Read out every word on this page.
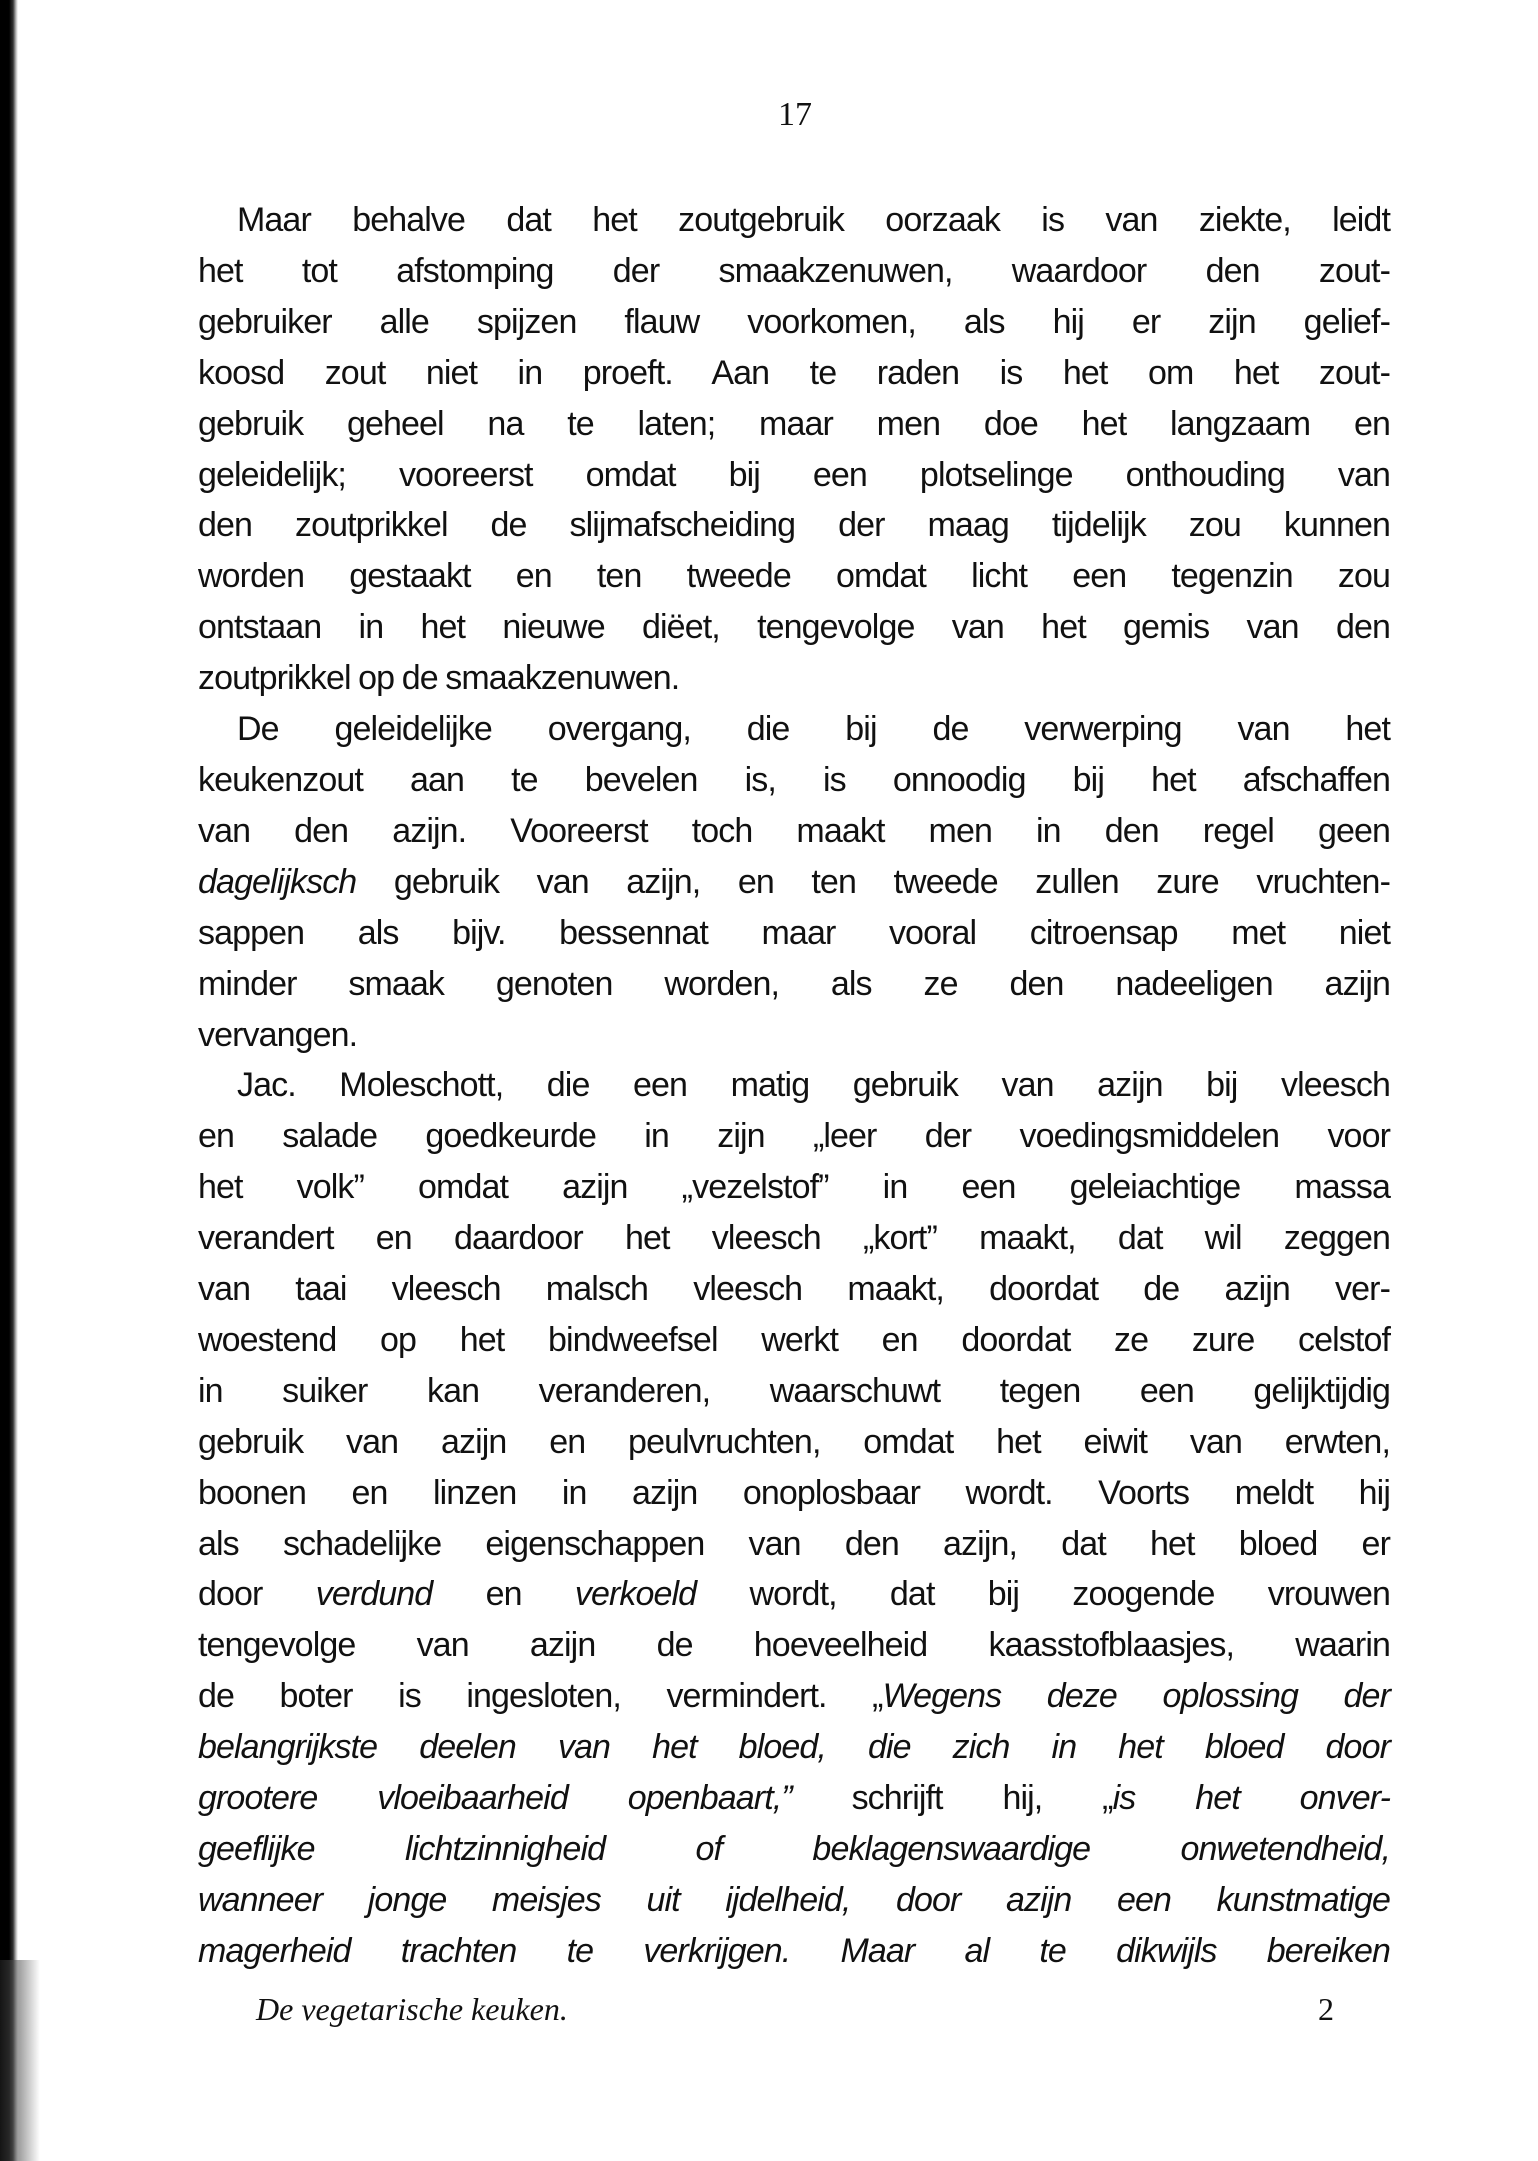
17
Maar behalve dat het zoutgebruik oorzaak is van ziekte, leidt
het tot afstomping der smaakzenuwen, waardoor den zout-
gebruiker alle spijzen flauw voorkomen, als hij er zijn gelief-
koosd zout niet in proeft. Aan te raden is het om het zout-
gebruik geheel na te laten; maar men doe het langzaam en
geleidelijk; vooreerst omdat bij een plotselinge onthouding van
den zoutprikkel de slijmafscheiding der maag tijdelijk zou kunnen
worden gestaakt en ten tweede omdat licht een tegenzin zou
ontstaan in het nieuwe diëet, tengevolge van het gemis van den
zoutprikkel op de smaakzenuwen.
De geleidelijke overgang, die bij de verwerping van het
keukenzout aan te bevelen is, is onnoodig bij het afschaffen
van den azijn. Vooreerst toch maakt men in den regel geen
dagelijksch gebruik van azijn, en ten tweede zullen zure vruchten-
sappen als bijv. bessennat maar vooral citroensap met niet
minder smaak genoten worden, als ze den nadeeligen azijn
vervangen.
Jac. Moleschott, die een matig gebruik van azijn bij vleesch
en salade goedkeurde in zijn „leer der voedingsmiddelen voor
het volk” omdat azijn „vezelstof” in een geleiachtige massa
verandert en daardoor het vleesch „kort” maakt, dat wil zeggen
van taai vleesch malsch vleesch maakt, doordat de azijn ver-
woestend op het bindweefsel werkt en doordat ze zure celstof
in suiker kan veranderen, waarschuwt tegen een gelijktijdig
gebruik van azijn en peulvruchten, omdat het eiwit van erwten,
boonen en linzen in azijn onoplosbaar wordt. Voorts meldt hij
als schadelijke eigenschappen van den azijn, dat het bloed er
door verdund en verkoeld wordt, dat bij zoogende vrouwen
tengevolge van azijn de hoeveelheid kaasstofblaasjes, waarin
de boter is ingesloten, vermindert. „Wegens deze oplossing der
belangrijkste deelen van het bloed, die zich in het bloed door
grootere vloeibaarheid openbaart,” schrijft hij, „is het onver-
geeflijke lichtzinnigheid of beklagenswaardige onwetendheid,
wanneer jonge meisjes uit ijdelheid, door azijn een kunstmatige
magerheid trachten te verkrijgen. Maar al te dikwijls bereiken
De vegetarische keuken.	2
